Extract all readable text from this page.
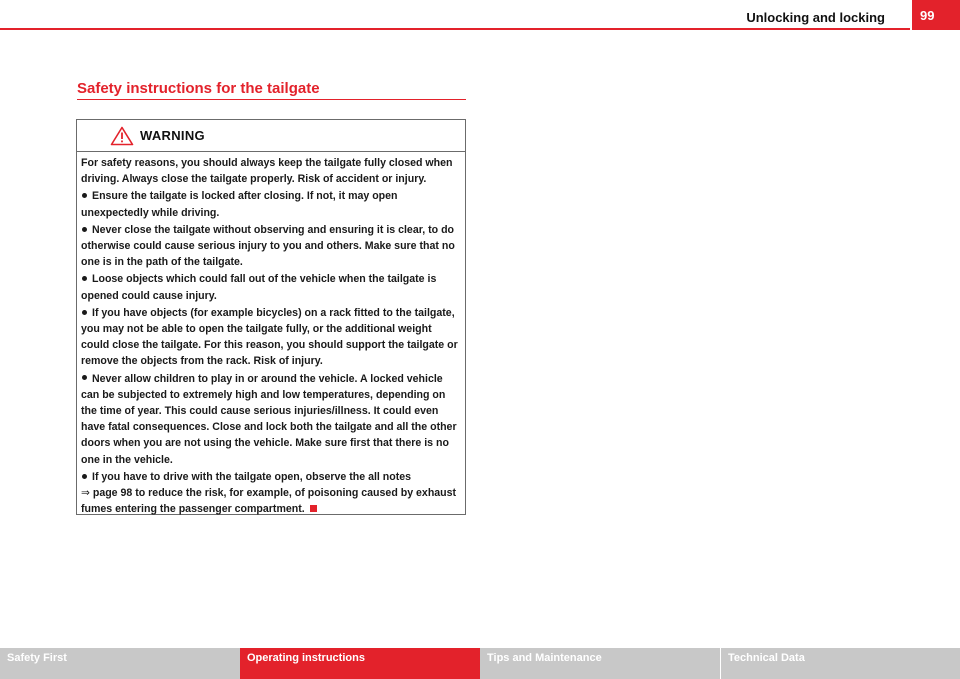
Unlocking and locking	99
Safety instructions for the tailgate
WARNING

For safety reasons, you should always keep the tailgate fully closed when driving. Always close the tailgate properly. Risk of accident or injury.

Ensure the tailgate is locked after closing. If not, it may open unexpectedly while driving.

Never close the tailgate without observing and ensuring it is clear, to do otherwise could cause serious injury to you and others. Make sure that no one is in the path of the tailgate.

Loose objects which could fall out of the vehicle when the tailgate is opened could cause injury.

If you have objects (for example bicycles) on a rack fitted to the tailgate, you may not be able to open the tailgate fully, or the additional weight could close the tailgate. For this reason, you should support the tailgate or remove the objects from the rack. Risk of injury.

Never allow children to play in or around the vehicle. A locked vehicle can be subjected to extremely high and low temperatures, depending on the time of year. This could cause serious injuries/illness. It could even have fatal consequences. Close and lock both the tailgate and all the other doors when you are not using the vehicle. Make sure first that there is no one in the vehicle.

If you have to drive with the tailgate open, observe the all notes
⇒ page 98 to reduce the risk, for example, of poisoning caused by exhaust fumes entering the passenger compartment.

Safety First	Operating instructions	Tips and Maintenance	Technical Data
